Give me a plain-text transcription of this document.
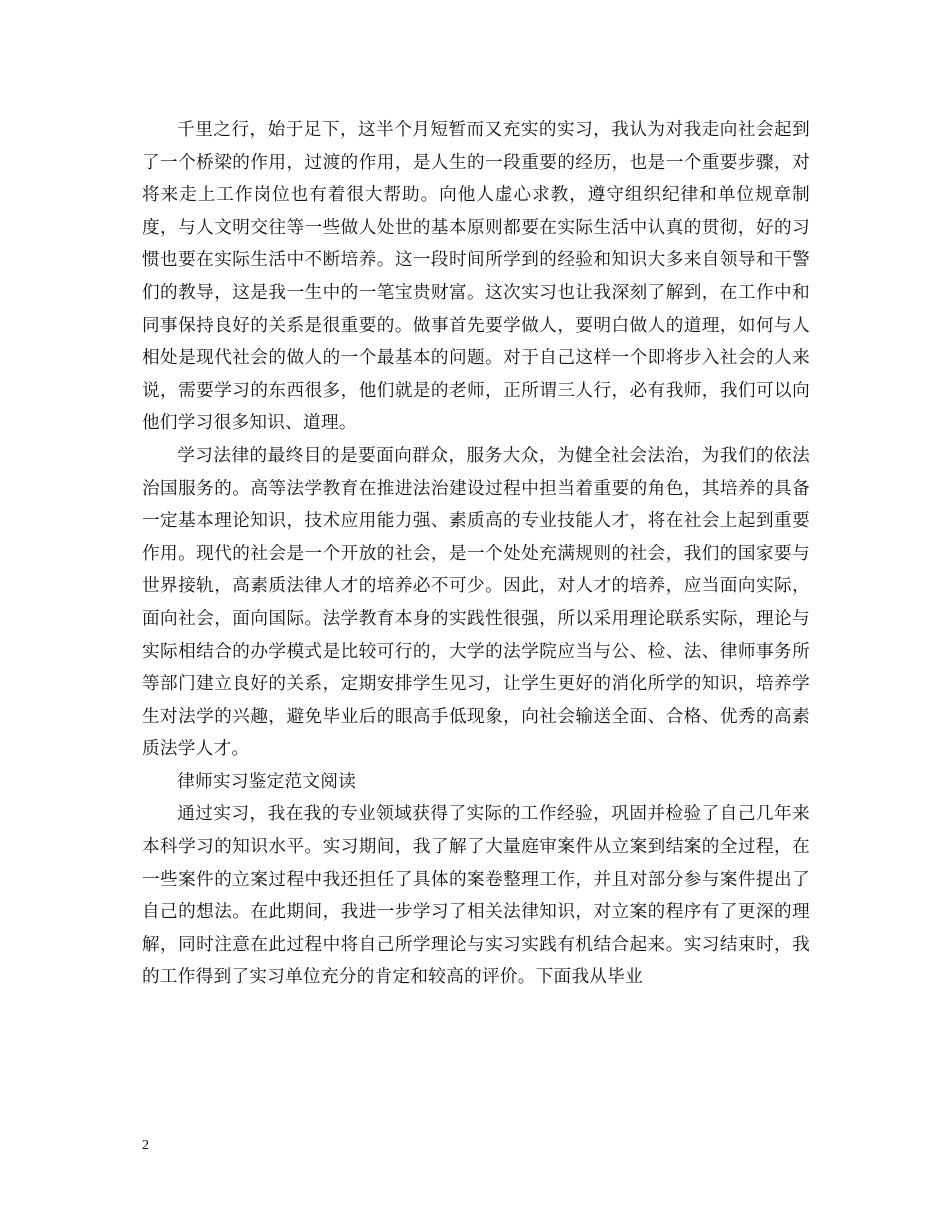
千里之行，始于足下，这半个月短暂而又充实的实习，我认为对我走向社会起到了一个桥梁的作用，过渡的作用，是人生的一段重要的经历，也是一个重要步骤，对将来走上工作岗位也有着很大帮助。向他人虚心求教，遵守组织纪律和单位规章制度，与人文明交往等一些做人处世的基本原则都要在实际生活中认真的贯彻，好的习惯也要在实际生活中不断培养。这一段时间所学到的经验和知识大多来自领导和干警们的教导，这是我一生中的一笔宝贵财富。这次实习也让我深刻了解到，在工作中和同事保持良好的关系是很重要的。做事首先要学做人，要明白做人的道理，如何与人相处是现代社会的做人的一个最基本的问题。对于自己这样一个即将步入社会的人来说，需要学习的东西很多，他们就是的老师，正所谓三人行，必有我师，我们可以向他们学习很多知识、道理。

学习法律的最终目的是要面向群众，服务大众，为健全社会法治，为我们的依法治国服务的。高等法学教育在推进法治建设过程中担当着重要的角色，其培养的具备一定基本理论知识，技术应用能力强、素质高的专业技能人才，将在社会上起到重要作用。现代的社会是一个开放的社会，是一个处处充满规则的社会，我们的国家要与世界接轨，高素质法律人才的培养必不可少。因此，对人才的培养，应当面向实际，面向社会，面向国际。法学教育本身的实践性很强，所以采用理论联系实际，理论与实际相结合的办学模式是比较可行的，大学的法学院应当与公、检、法、律师事务所等部门建立良好的关系，定期安排学生见习，让学生更好的消化所学的知识，培养学生对法学的兴趣，避免毕业后的眼高手低现象，向社会输送全面、合格、优秀的高素质法学人才。

律师实习鉴定范文阅读

通过实习，我在我的专业领域获得了实际的工作经验，巩固并检验了自己几年来本科学习的知识水平。实习期间，我了解了大量庭审案件从立案到结案的全过程，在一些案件的立案过程中我还担任了具体的案卷整理工作，并且对部分参与案件提出了自己的想法。在此期间，我进一步学习了相关法律知识，对立案的程序有了更深的理解，同时注意在此过程中将自己所学理论与实习实践有机结合起来。实习结束时，我的工作得到了实习单位充分的肯定和较高的评价。下面我从毕业

2
